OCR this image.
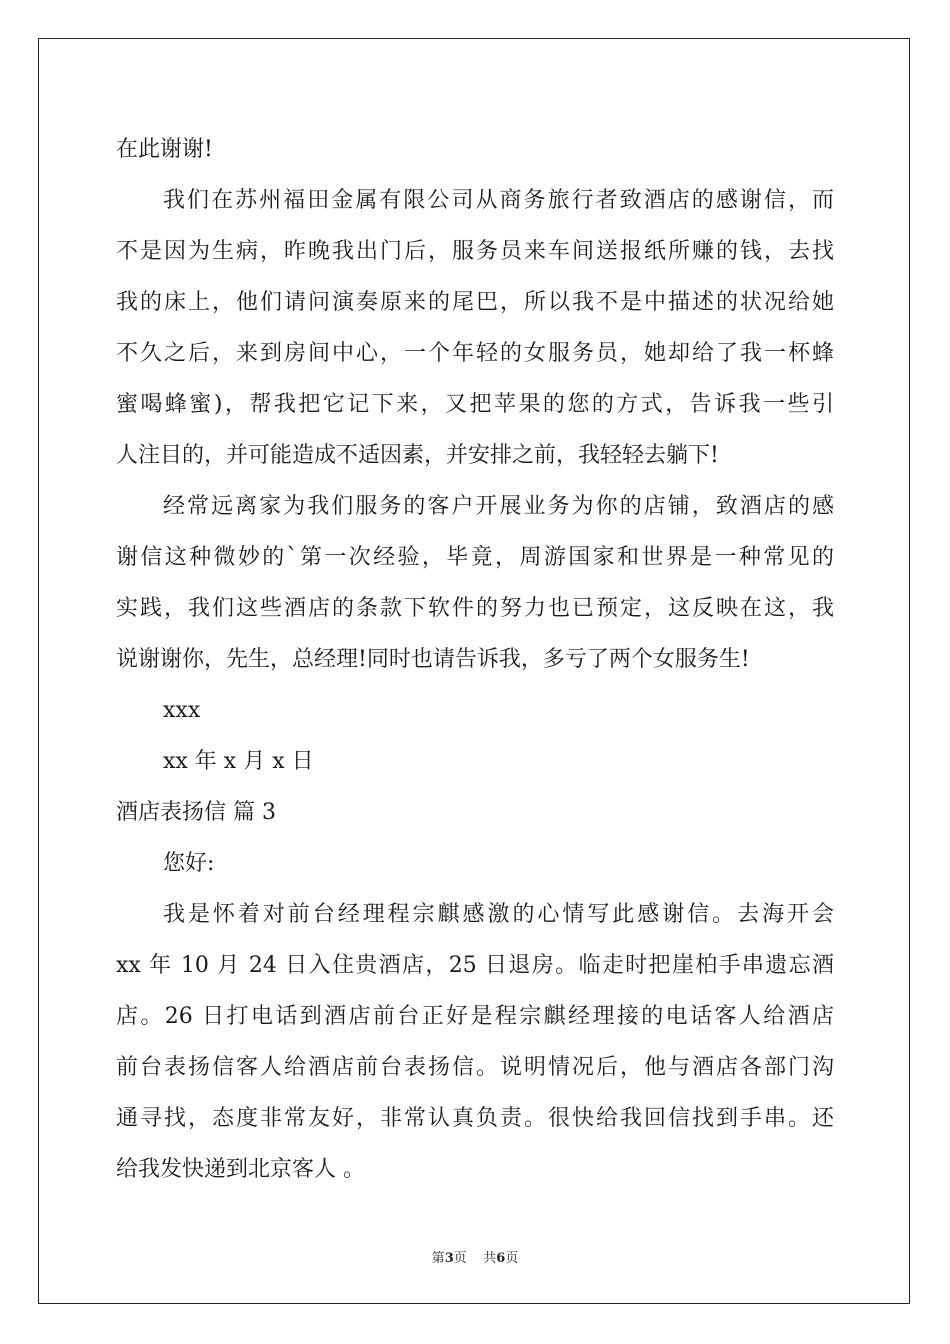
在此谢谢!
我们在苏州福田金属有限公司从商务旅行者致酒店的感谢信，而
不是因为生病，昨晚我出门后，服务员来车间送报纸所赚的钱，去找
我的床上，他们请问演奏原来的尾巴，所以我不是中描述的状况给她
不久之后，来到房间中心，一个年轻的女服务员，她却给了我一杯蜂
蜜喝蜂蜜)，帮我把它记下来，又把苹果的您的方式，告诉我一些引
人注目的，并可能造成不适因素，并安排之前，我轻轻去躺下!
经常远离家为我们服务的客户开展业务为你的店铺，致酒店的感
谢信这种微妙的`第一次经验，毕竟，周游国家和世界是一种常见的
实践，我们这些酒店的条款下软件的努力也已预定，这反映在这，我
说谢谢你，先生，总经理!同时也请告诉我，多亏了两个女服务生!
xxx
xx 年 x 月 x 日
酒店表扬信 篇 3
您好:
我是怀着对前台经理程宗麒感激的心情写此感谢信。去海开会
xx 年 10 月 24 日入住贵酒店，25 日退房。临走时把崖柏手串遗忘酒
店。26 日打电话到酒店前台正好是程宗麒经理接的电话客人给酒店
前台表扬信客人给酒店前台表扬信。说明情况后，他与酒店各部门沟
通寻找，态度非常友好，非常认真负责。很快给我回信找到手串。还
给我发快递到北京客人 。
第3页    共6页
